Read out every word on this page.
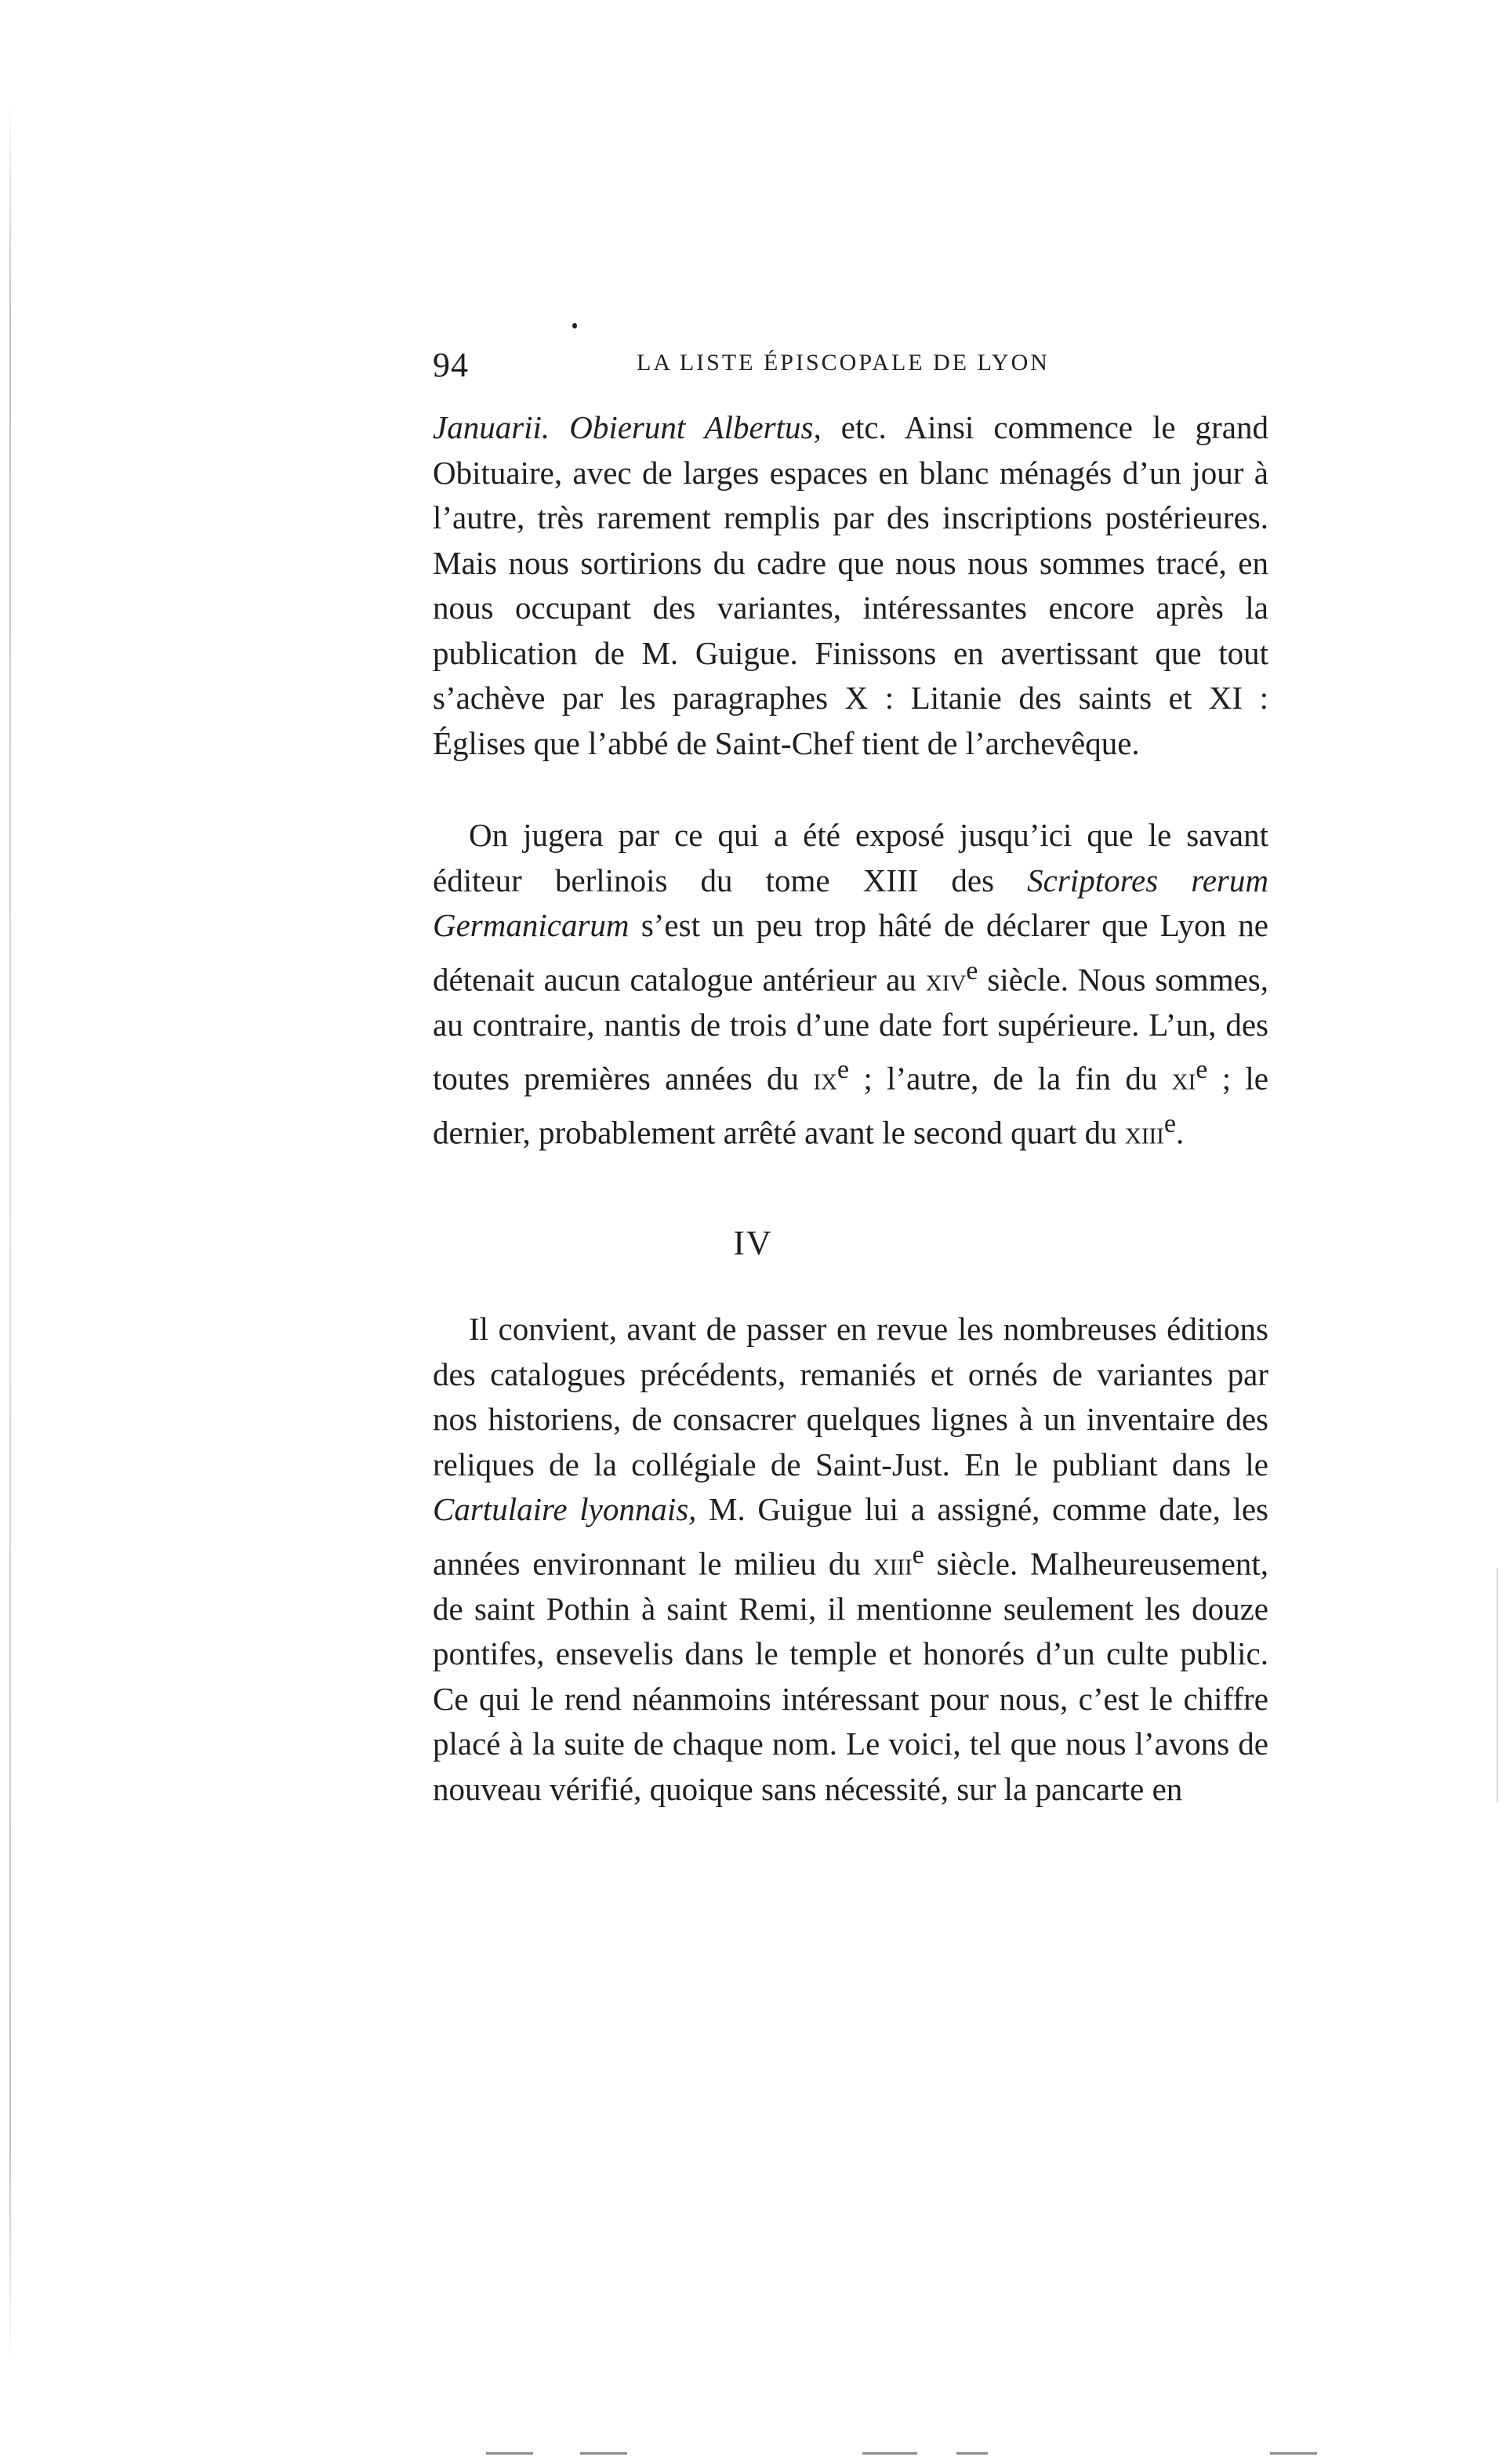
94	LA LISTE ÉPISCOPALE DE LYON

Januarii. Obierunt Albertus, etc. Ainsi commence le grand Obituaire, avec de larges espaces en blanc ménagés d’un jour à l’autre, très rarement remplis par des inscriptions postérieures. Mais nous sortirions du cadre que nous nous sommes tracé, en nous occupant des variantes, intéressantes encore après la publication de M. Guigue. Finissons en avertissant que tout s’achève par les paragraphes X : Litanie des saints et XI : Églises que l’abbé de Saint-Chef tient de l’archevêque.

On jugera par ce qui a été exposé jusqu’ici que le savant éditeur berlinois du tome XIII des Scriptores rerum Germanicarum s’est un peu trop hâté de déclarer que Lyon ne détenait aucun catalogue antérieur au xiv$^e$ siècle. Nous sommes, au contraire, nantis de trois d’une date fort supérieure. L’un, des toutes premières années du $ix^e$ ; l’autre, de la fin du $xi^e$ ; le dernier, probablement arrêté avant le second quart du xiii$^e$.

IV

Il convient, avant de passer en revue les nombreuses éditions des catalogues précédents, remaniés et ornés de variantes par nos historiens, de consacrer quelques lignes à un inventaire des reliques de la collégiale de Saint-Just. En le publiant dans le Cartulaire lyonnais, M. Guigue lui a assigné, comme date, les années environnant le milieu du xiii$^e$ siècle. Malheureusement, de saint Pothin à saint Remi, il mentionne seulement les douze pontifes, ensevelis dans le temple et honorés d’un culte public. Ce qui le rend néanmoins intéressant pour nous, c’est le chiffre placé à la suite de chaque nom. Le voici, tel que nous l’avons de nouveau vérifié, quoique sans nécessité, sur la pancarte en
